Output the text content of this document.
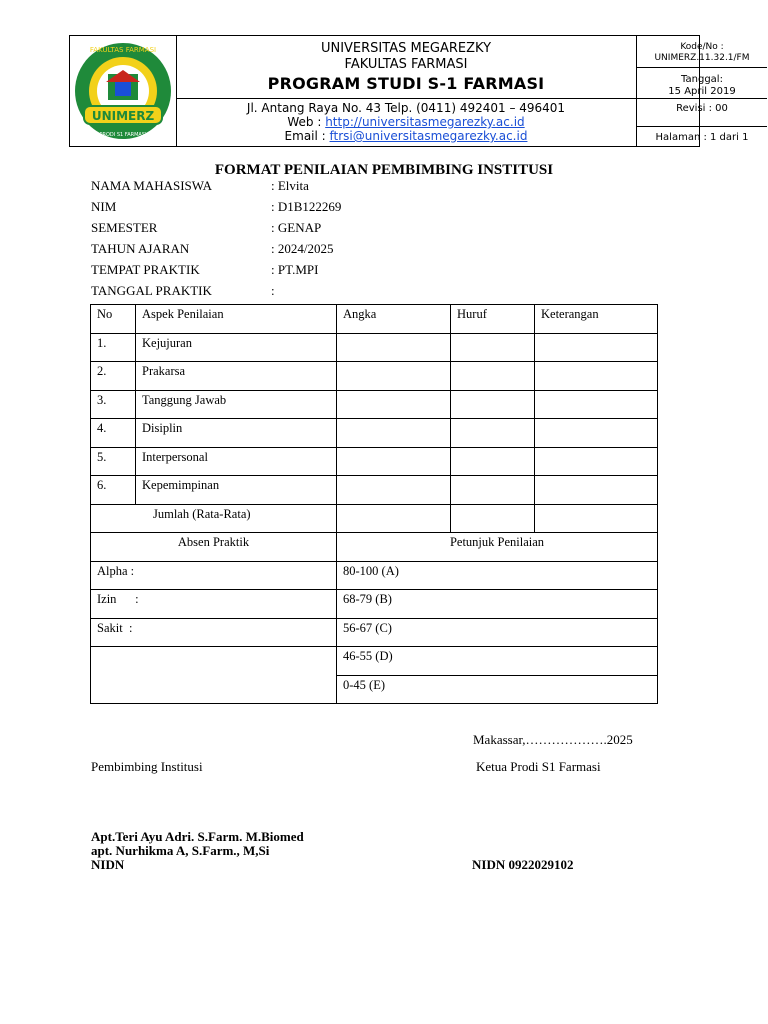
UNIMERZ
FAKULTAS FARMASI
PRODI S1 FARMASI
UNIVERSITAS MEGAREZKY
FAKULTAS FARMASI
PROGRAM STUDI S-1 FARMASI
Jl. Antang Raya No. 43 Telp. (0411) 492401 – 496401
Web : http://universitasmegarezky.ac.id
Email : ftrsi@universitasmegarezky.ac.id
Kode/No :
UNIMERZ.11.32.1/FM
Tanggal:
15 April 2019
Revisi : 00
Halaman : 1 dari 1
FORMAT PENILAIAN PEMBIMBING INSTITUSI
NAMA MAHASISWA	: Elvita
NIM	: D1B122269
SEMESTER	: GENAP
TAHUN AJARAN	: 2024/2025
TEMPAT PRAKTIK	: PT.MPI
TANGGAL PRAKTIK	:
No	Aspek Penilaian	Angka	Huruf	Keterangan
1.	Kejujuran			
2.	Prakarsa			
3.	Tanggung Jawab			
4.	Disiplin			
5.	Interpersonal			
6.	Kepemimpinan			
Jumlah (Rata-Rata)				
Absen Praktik		Petunjuk Penilaian		
Alpha :		80-100 (A)		
Izin      :		68-79 (B)		
Sakit  :		56-67 (C)		
		46-55 (D)		
		0-45 (E)		
Makassar,……………….2025
Pembimbing Institusi	Ketua Prodi S1 Farmasi
Apt.Teri Ayu Adri. S.Farm. M.Biomed
apt. Nurhikma A, S.Farm., M,Si
NIDN	NIDN 0922029102
